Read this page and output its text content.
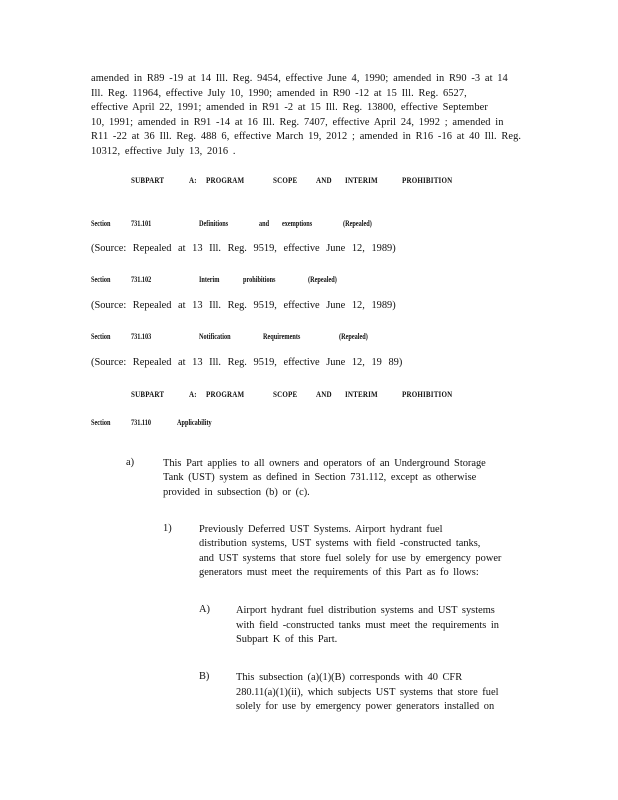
amended in R89 -19 at 14 Ill. Reg. 9454, effective June 4, 1990; amended in R90 -3 at 14
Ill. Reg. 11964, effective July 10, 1990; amended in R90 -12 at 15 Ill. Reg. 6527,
effective April 22, 1991; amended in R91 -2 at 15 Ill. Reg. 13800, effective September
10, 1991; amended in R91 -14 at 16 Ill. Reg. 7407, effective April 24, 1992 ; amended in
R11 -22 at 36 Ill. Reg. 488 6, effective March 19, 2012 ; amended in R16 -16 at 40 Ill. Reg.
10312, effective July 13, 2016 .
SUBPART	A: PROGRAM	SCOPE AND INTERIM	PROHIBITION
Section	731.101	Definitions	and exemptions	(Repealed)
(Source: Repealed at 13 Ill. Reg. 9519, effective June 12, 1989)
Section	731.102	Interim	prohibitions	(Repealed)
(Source: Repealed at 13 Ill. Reg. 9519, effective June 12, 1989)
Section	731.103	Notification	Requirements	(Repealed)
(Source: Repealed at 13 Ill. Reg. 9519, effective June 12, 19 89)
SUBPART	A: PROGRAM	SCOPE AND INTERIM	PROHIBITION
Section	731.110	Applicability
a)	This Part applies to all owners and operators of an Underground Storage
Tank (UST) system as defined in Section 731.112, except as otherwise
provided in subsection (b) or (c).
1)	Previously Deferred UST Systems. Airport hydrant fuel
distribution systems, UST systems with field -constructed tanks,
and UST systems that store fuel solely for use by emergency power
generators must meet the requirements of this Part as fo llows:
A)	Airport hydrant fuel distribution systems and UST systems
with field -constructed tanks must meet the requirements in
Subpart K of this Part.
B)	This subsection (a)(1)(B) corresponds with 40 CFR
280.11(a)(1)(ii), which subjects UST systems that store fuel
solely for use by emergency power generators installed on
